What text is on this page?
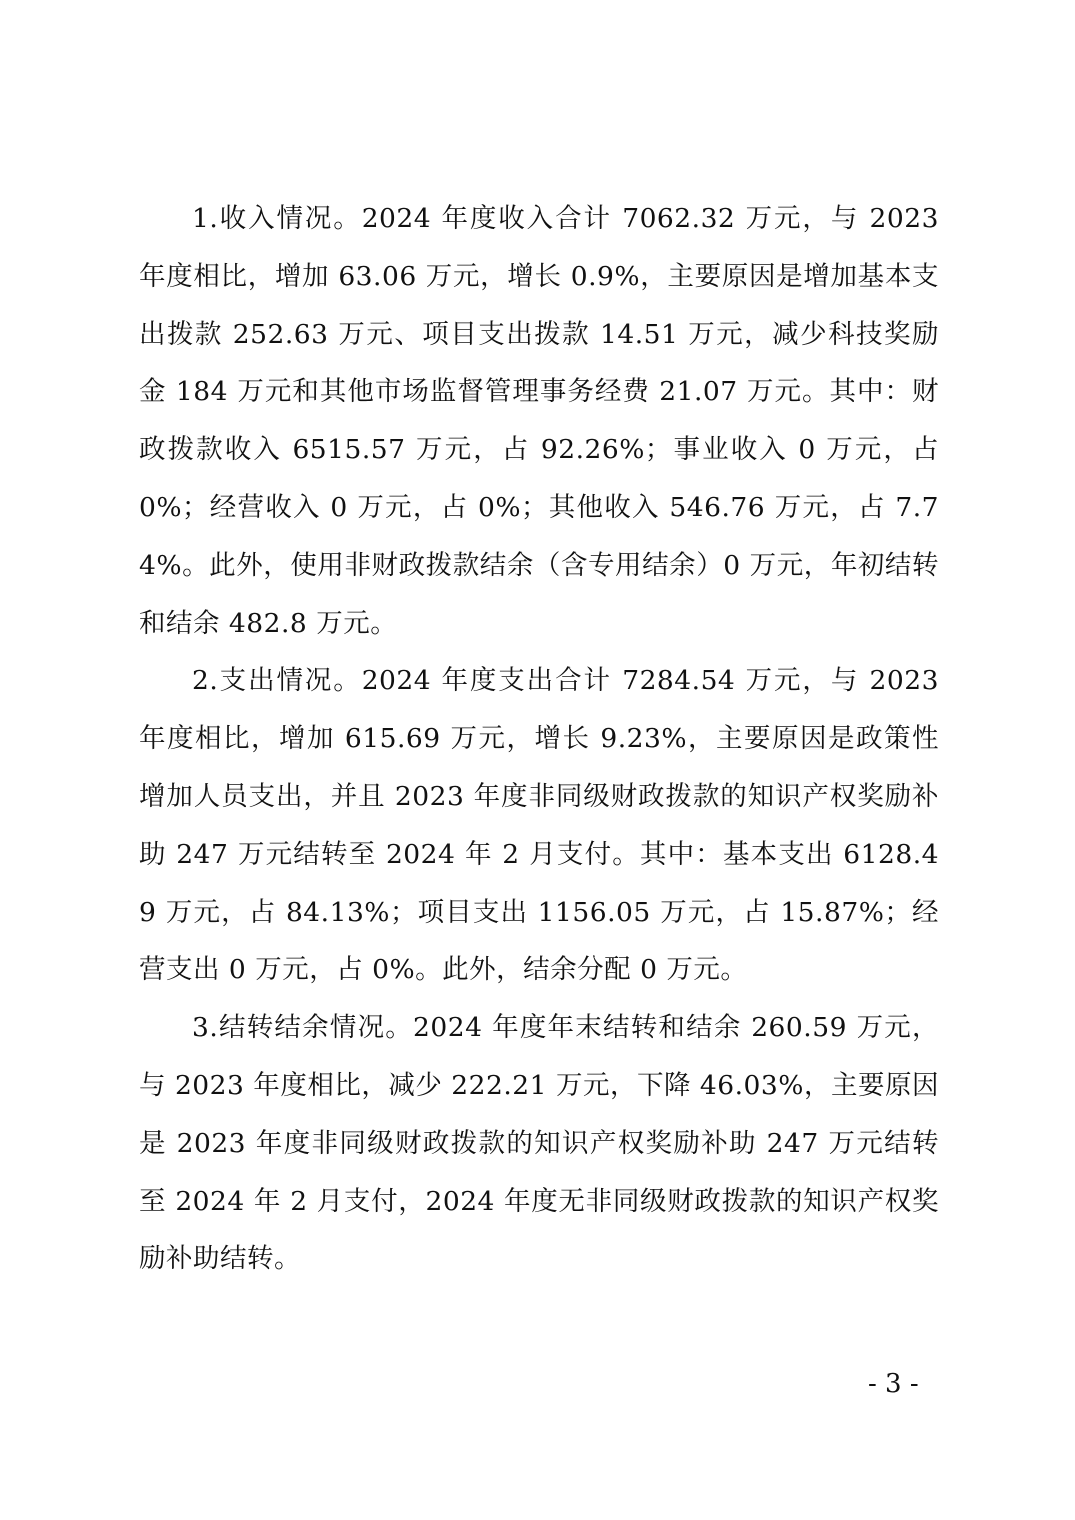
1.收入情况。2024 年度收入合计 7062.32 万元，与 2023 年度相比，增加 63.06 万元，增长 0.9%，主要原因是增加基本支出拨款 252.63 万元、项目支出拨款 14.51 万元，减少科技奖励金 184 万元和其他市场监督管理事务经费 21.07 万元。其中：财政拨款收入 6515.57 万元，占 92.26%；事业收入 0 万元，占 0%；经营收入 0 万元，占 0%；其他收入 546.76 万元，占 7.74%。此外，使用非财政拨款结余（含专用结余）0 万元，年初结转和结余 482.8 万元。

2.支出情况。2024 年度支出合计 7284.54 万元，与 2023 年度相比，增加 615.69 万元，增长 9.23%，主要原因是政策性增加人员支出，并且 2023 年度非同级财政拨款的知识产权奖励补助 247 万元结转至 2024 年 2 月支付。其中：基本支出 6128.49 万元，占 84.13%；项目支出 1156.05 万元，占 15.87%；经营支出 0 万元，占 0%。此外，结余分配 0 万元。

3.结转结余情况。2024 年度年末结转和结余 260.59 万元，与 2023 年度相比，减少 222.21 万元，下降 46.03%，主要原因是 2023 年度非同级财政拨款的知识产权奖励补助 247 万元结转至 2024 年 2 月支付，2024 年度无非同级财政拨款的知识产权奖励补助结转。

- 3 -
